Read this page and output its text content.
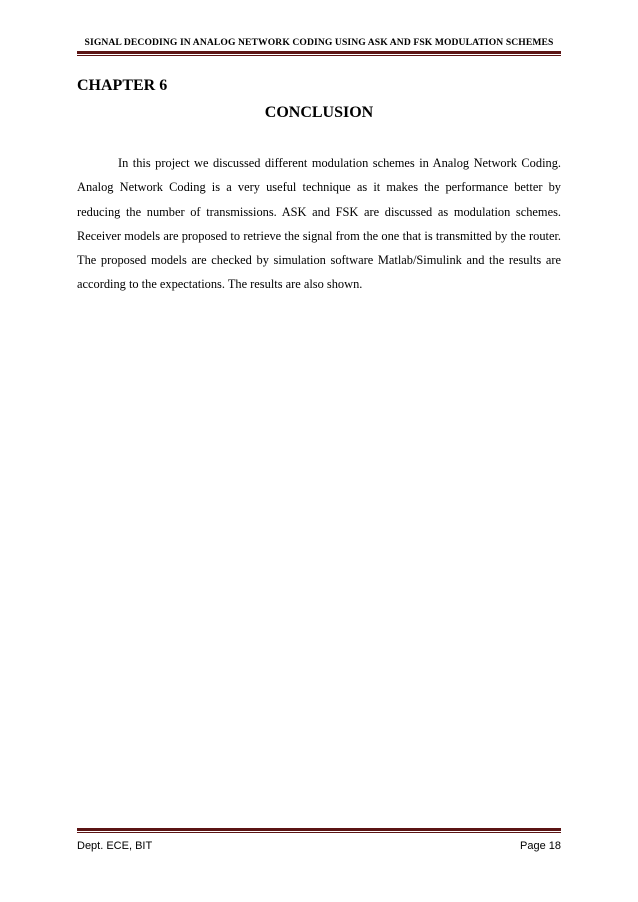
SIGNAL DECODING IN ANALOG NETWORK CODING USING ASK AND FSK MODULATION SCHEMES
CHAPTER 6
CONCLUSION

In this project we discussed different modulation schemes in Analog Network Coding. Analog Network Coding is a very useful technique as it makes the performance better by reducing the number of transmissions. ASK and FSK are discussed as modulation schemes. Receiver models are proposed to retrieve the signal from the one that is transmitted by the router. The proposed models are checked by simulation software Matlab/Simulink and the results are according to the expectations. The results are also shown.

Dept. ECE, BIT	Page 18
